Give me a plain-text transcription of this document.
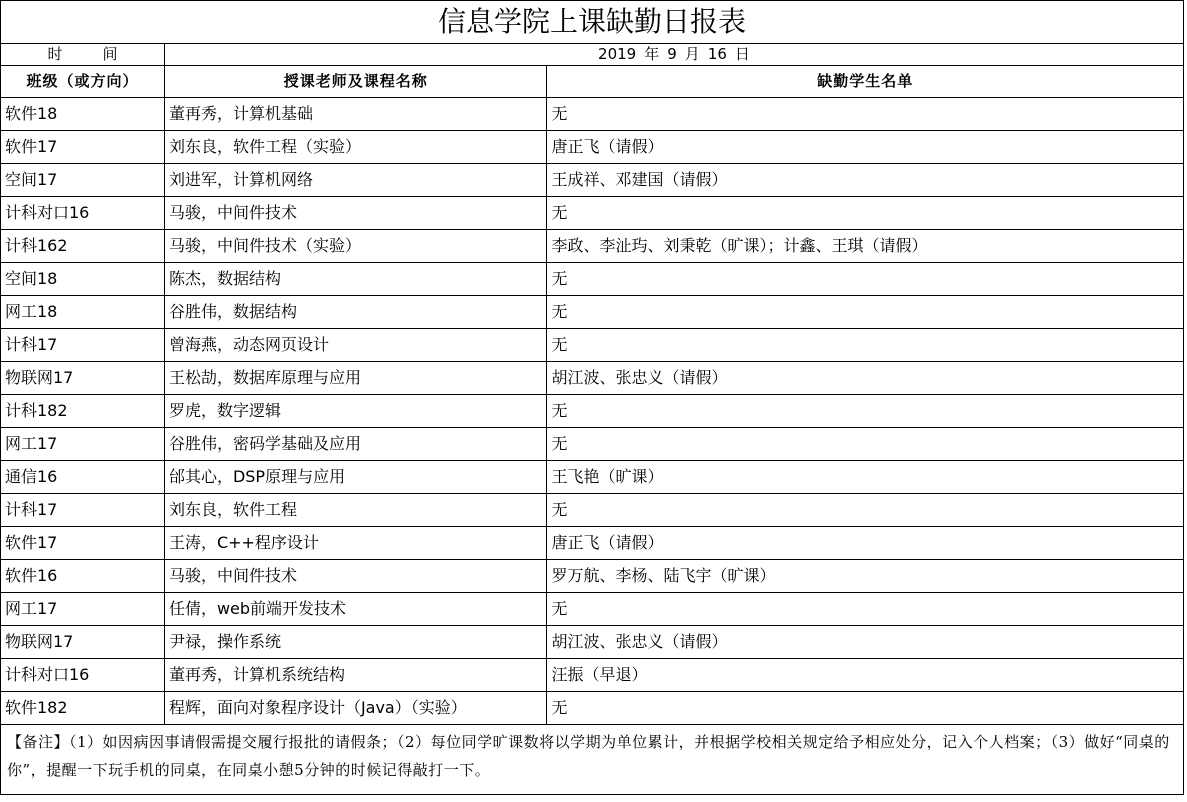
信息学院上课缺勤日报表		
时间	2019 年 9 月 16 日	
班级（或方向）	授课老师及课程名称	缺勤学生名单
软件18	董再秀，计算机基础	无
软件17	刘东良，软件工程（实验）	唐正飞（请假）
空间17	刘进军，计算机网络	王成祥、邓建国（请假）
计科对口16	马骏，中间件技术	无
计科162	马骏，中间件技术（实验）	李政、李沚玙、刘秉乾（旷课）；计鑫、王琪（请假）
空间18	陈杰，数据结构	无
网工18	谷胜伟，数据结构	无
计科17	曾海燕，动态网页设计	无
物联网17	王松劼，数据库原理与应用	胡江波、张忠义（请假）
计科182	罗虎，数字逻辑	无
网工17	谷胜伟，密码学基础及应用	无
通信16	邰其心，DSP原理与应用	王飞艳（旷课）
计科17	刘东良，软件工程	无
软件17	王涛，C++程序设计	唐正飞（请假）
软件16	马骏，中间件技术	罗万航、李杨、陆飞宇（旷课）
网工17	任倩，web前端开发技术	无
物联网17	尹禄，操作系统	胡江波、张忠义（请假）
计科对口16	董再秀，计算机系统结构	汪振（早退）
软件182	程辉，面向对象程序设计（Java）（实验）	无
【备注】（1）如因病因事请假需提交履行报批的请假条；（2）每位同学旷课数将以学期为单位累计，并根据学校相关规定给予相应处分，记入个人档案；（3）做好“同桌的你”，提醒一下玩手机的同桌，在同桌小憩5分钟的时候记得敲打一下。		
